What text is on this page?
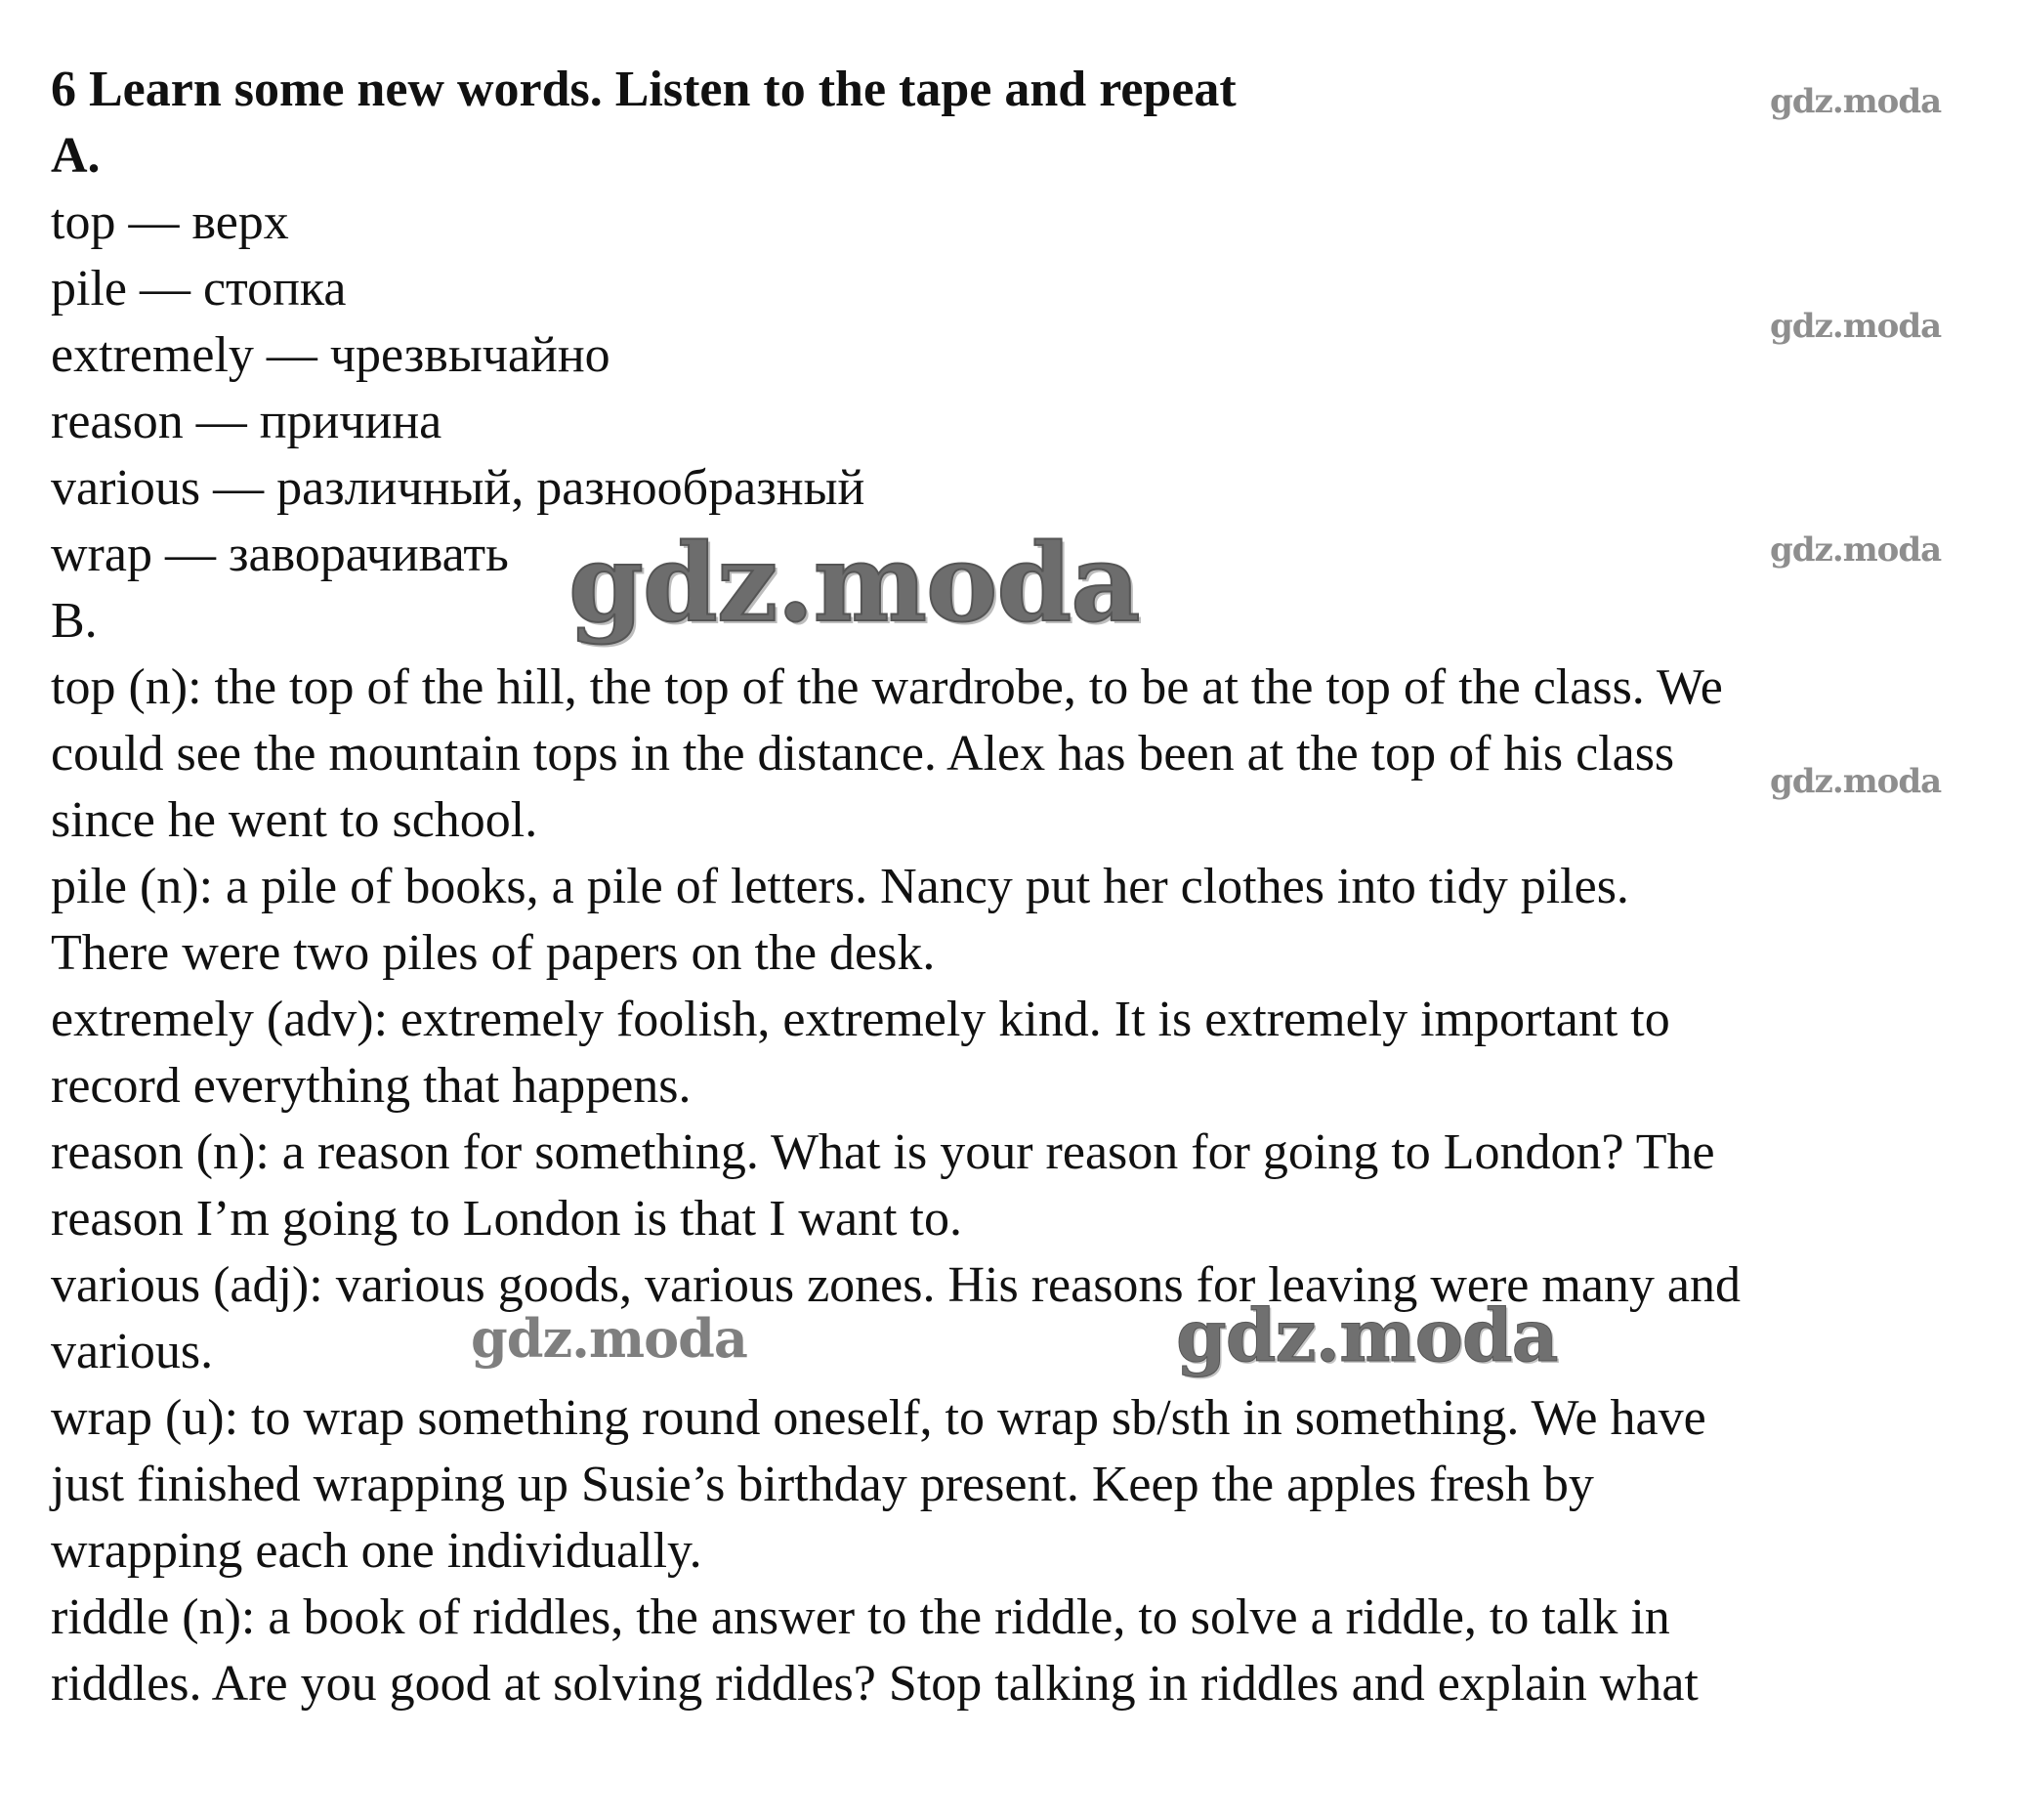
6 Learn some new words. Listen to the tape and repeat

A.

top — верх

pile — стопка

extremely — чрезвычайно

reason — причина

various — различный, разнообразный

wrap — заворачивать

B.

top (n): the top of the hill, the top of the wardrobe, to be at the top of the class. We

could see the mountain tops in the distance. Alex has been at the top of his class

since he went to school.

pile (n): a pile of books, a pile of letters. Nancy put her clothes into tidy piles.

There were two piles of papers on the desk.

extremely (adv): extremely foolish, extremely kind. It is extremely important to

record everything that happens.

reason (n): a reason for something. What is your reason for going to London? The

reason I’m going to London is that I want to.

various (adj): various goods, various zones. His reasons for leaving were many and

various.

wrap (u): to wrap something round oneself, to wrap sb/sth in something. We have

just finished wrapping up Susie’s birthday present. Keep the apples fresh by

wrapping each one individually.

riddle (n): a book of riddles, the answer to the riddle, to solve a riddle, to talk in

riddles. Are you good at solving riddles? Stop talking in riddles and explain what

gdz.moda
gdz.moda
gdz.moda
gdz.moda
gdz.moda
gdz.moda	gdz.moda
